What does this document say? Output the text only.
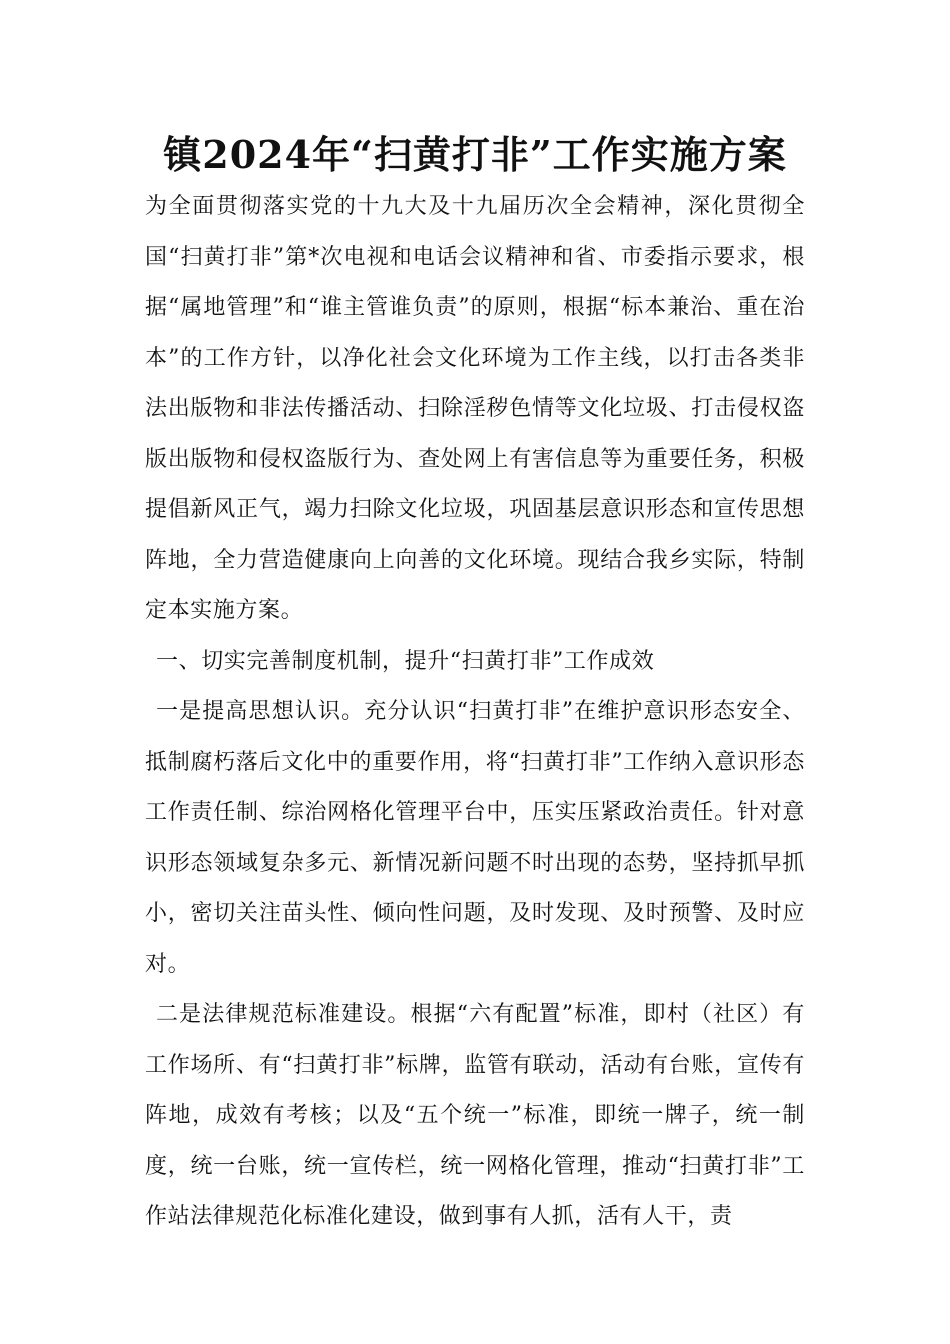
镇2024年“扫黄打非”工作实施方案

为全面贯彻落实党的十九大及十九届历次全会精神，深化贯彻全国“扫黄打非”第*次电视和电话会议精神和省、市委指示要求，根据“属地管理”和“谁主管谁负责”的原则，根据“标本兼治、重在治本”的工作方针，以净化社会文化环境为工作主线，以打击各类非法出版物和非法传播活动、扫除淫秽色情等文化垃圾、打击侵权盗版出版物和侵权盗版行为、查处网上有害信息等为重要任务，积极提倡新风正气，竭力扫除文化垃圾，巩固基层意识形态和宣传思想阵地，全力营造健康向上向善的文化环境。现结合我乡实际，特制定本实施方案。

一、切实完善制度机制，提升“扫黄打非”工作成效

一是提高思想认识。充分认识“扫黄打非”在维护意识形态安全、抵制腐朽落后文化中的重要作用，将“扫黄打非”工作纳入意识形态工作责任制、综治网格化管理平台中，压实压紧政治责任。针对意识形态领域复杂多元、新情况新问题不时出现的态势，坚持抓早抓小，密切关注苗头性、倾向性问题，及时发现、及时预警、及时应对。

二是法律规范标准建设。根据“六有配置”标准，即村（社区）有工作场所、有“扫黄打非”标牌，监管有联动，活动有台账，宣传有阵地，成效有考核；以及“五个统一”标准，即统一牌子，统一制度，统一台账，统一宣传栏，统一网格化管理，推动“扫黄打非”工作站法律规范化标准化建设，做到事有人抓，活有人干，责
